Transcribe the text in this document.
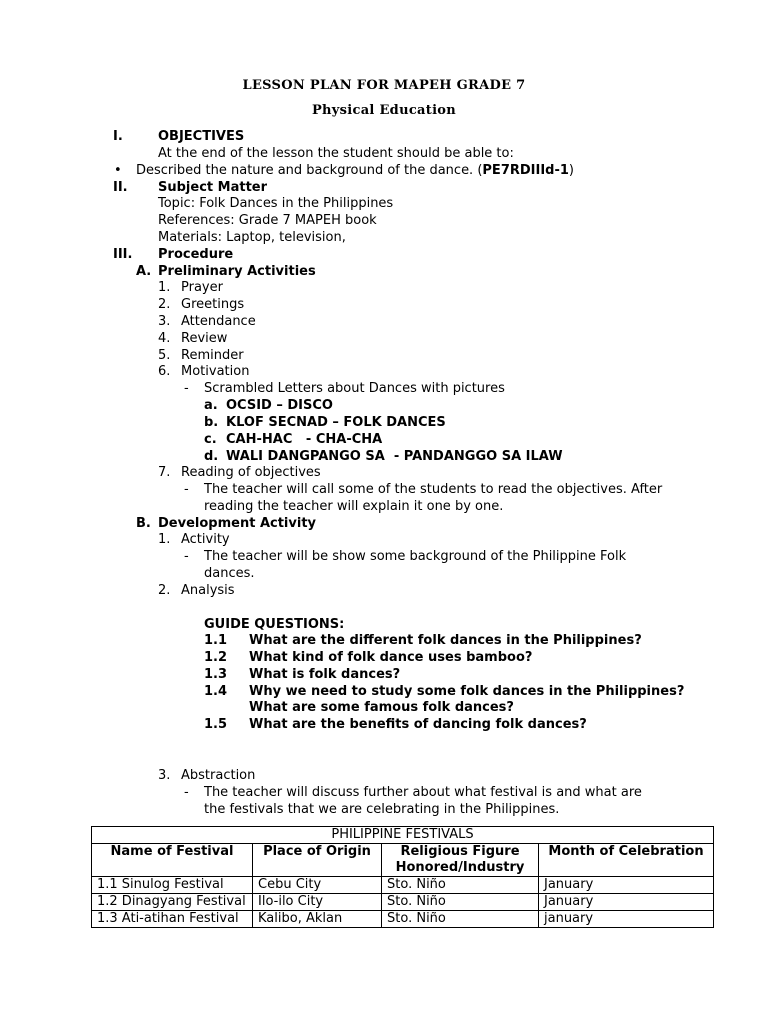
LESSON PLAN FOR MAPEH GRADE 7
Physical Education
I.	OBJECTIVES
At the end of the lesson the student should be able to:
• Described the nature and background of the dance. (PE7RDIIId-1)
II. Subject Matter
Topic: Folk Dances in the Philippines
References: Grade 7 MAPEH book
Materials: Laptop, television,
III. Procedure
A. Preliminary Activities
1. Prayer
2. Greetings
3. Attendance
4. Review
5. Reminder
6. Motivation
- Scrambled Letters about Dances with pictures
a. OCSID – DISCO
b. KLOF SECNAD – FOLK DANCES
c. CAH-HAC   - CHA-CHA
d. WALI DANGPANGO SA  - PANDANGGO SA ILAW
7. Reading of objectives
- The teacher will call some of the students to read the objectives. After
reading the teacher will explain it one by one.
B. Development Activity
1. Activity
- The teacher will be show some background of the Philippine Folk
dances.
2. Analysis
GUIDE QUESTIONS:
1.1 What are the different folk dances in the Philippines?
1.2 What kind of folk dance uses bamboo?
1.3 What is folk dances?
1.4 Why we need to study some folk dances in the Philippines?
What are some famous folk dances?
1.5 What are the benefits of dancing folk dances?
3. Abstraction
- The teacher will discuss further about what festival is and what are
the festivals that we are celebrating in the Philippines.
PHILIPPINE FESTIVALS			
Name of Festival	Place of Origin	Religious Figure Honored/Industry	Month of Celebration
1.1 Sinulog Festival	Cebu City	Sto. Niño	January
1.2 Dinagyang Festival	Ilo-ilo City	Sto. Niño	January
1.3 Ati-atihan Festival	Kalibo, Aklan	Sto. Niño	january
